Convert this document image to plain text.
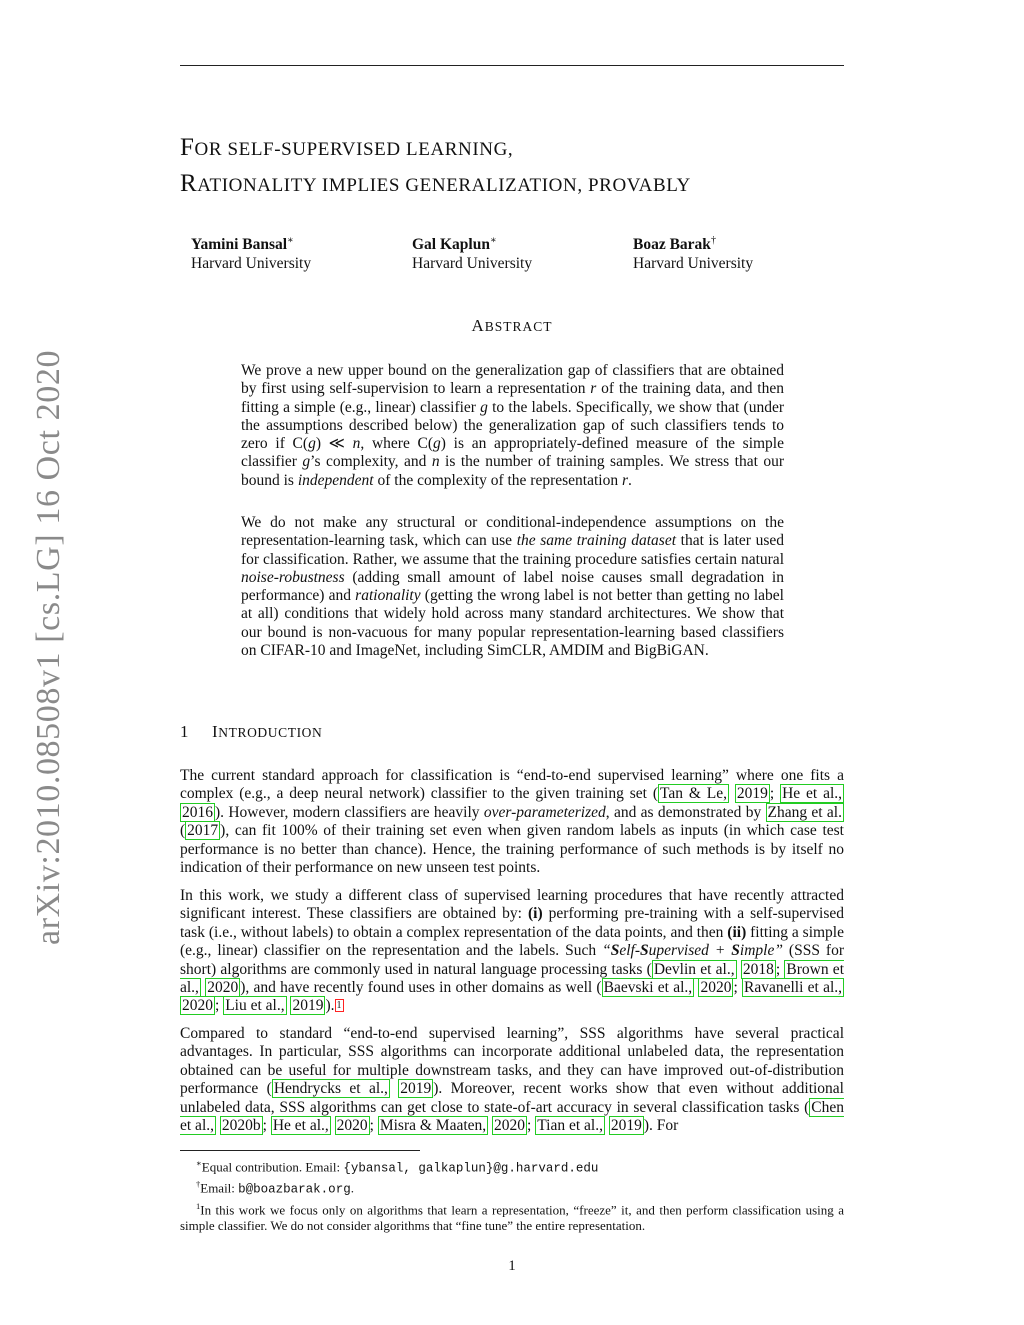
arXiv:2010.08508v1 [cs.LG] 16 Oct 2020
FOR SELF-SUPERVISED LEARNING,
RATIONALITY IMPLIES GENERALIZATION, PROVABLY
Yamini Bansal∗
Harvard University
Gal Kaplun∗
Harvard University
Boaz Barak†
Harvard University
ABSTRACT

We prove a new upper bound on the generalization gap of classifiers that are obtained by first using self-supervision to learn a representation r of the training data, and then fitting a simple (e.g., linear) classifier g to the labels. Specifically, we show that (under the assumptions described below) the generalization gap of such classifiers tends to zero if C(g) ≪ n, where C(g) is an appropriately-defined measure of the simple classifier g’s complexity, and n is the number of training samples. We stress that our bound is independent of the complexity of the representation r.

We do not make any structural or conditional-independence assumptions on the representation-learning task, which can use the same training dataset that is later used for classification. Rather, we assume that the training procedure satisfies certain natural noise-robustness (adding small amount of label noise causes small degradation in performance) and rationality (getting the wrong label is not better than getting no label at all) conditions that widely hold across many standard architectures. We show that our bound is non-vacuous for many popular representation-learning based classifiers on CIFAR-10 and ImageNet, including SimCLR, AMDIM and BigBiGAN.

1 INTRODUCTION

The current standard approach for classification is “end-to-end supervised learning” where one fits a complex (e.g., a deep neural network) classifier to the given training set ( Tan & Le, 2019 ; He et al., 2016 ). However, modern classifiers are heavily over-parameterized, and as demonstrated by Zhang et al. ( 2017 ), can fit 100% of their training set even when given random labels as inputs (in which case test performance is no better than chance). Hence, the training performance of such methods is by itself no indication of their performance on new unseen test points.

In this work, we study a different class of supervised learning procedures that have recently attracted significant interest. These classifiers are obtained by: (i) performing pre-training with a self-supervised task (i.e., without labels) to obtain a complex representation of the data points, and then (ii) fitting a simple (e.g., linear) classifier on the representation and the labels. Such “Self-Supervised + Simple” (SSS for short) algorithms are commonly used in natural language processing tasks ( Devlin et al., 2018 ; Brown et al., 2020 ), and have recently found uses in other domains as well ( Baevski et al., 2020 ; Ravanelli et al., 2020 ; Liu et al., 2019 ). $^1$

Compared to standard “end-to-end supervised learning”, SSS algorithms have several practical advantages. In particular, SSS algorithms can incorporate additional unlabeled data, the representation obtained can be useful for multiple downstream tasks, and they can have improved out-of-distribution performance ( Hendrycks et al., 2019 ). Moreover, recent works show that even without additional unlabeled data, SSS algorithms can get close to state-of-art accuracy in several classification tasks ( Chen et al., 2020b ; He et al., 2020 ; Misra & Maaten, 2020 ; Tian et al., 2019 ). For

∗Equal contribution. Email: {ybansal, galkaplun}@g.harvard.edu
†Email: b@boazbarak.org.
$^1$In this work we focus only on algorithms that learn a representation, “freeze” it, and then perform classification using a simple classifier. We do not consider algorithms that “fine tune” the entire representation.
1
